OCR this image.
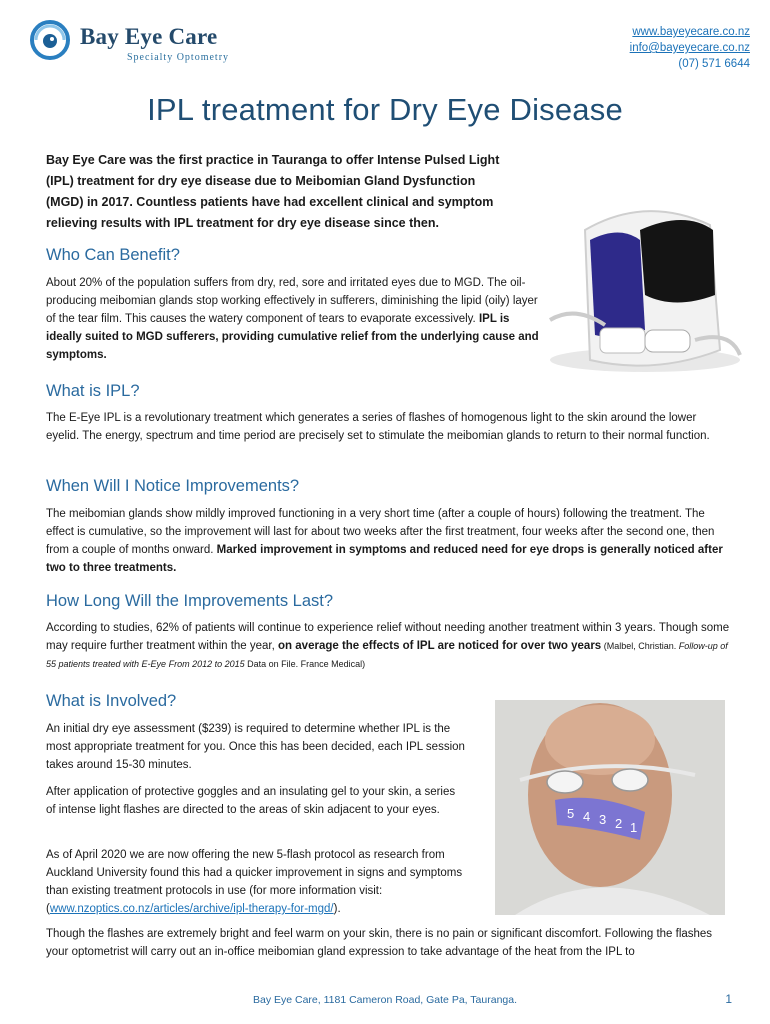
Bay Eye Care
Specialty Optometry
www.bayeyecare.co.nz
info@bayeyecare.co.nz
(07) 571 6644
IPL treatment for Dry Eye Disease

Bay Eye Care was the first practice in Tauranga to offer Intense Pulsed Light (IPL) treatment for dry eye disease due to Meibomian Gland Dysfunction (MGD) in 2017. Countless patients have had excellent clinical and symptom relieving results with IPL treatment for dry eye disease since then.

Who Can Benefit?

About 20% of the population suffers from dry, red, sore and irritated eyes due to MGD. The oil-producing meibomian glands stop working effectively in sufferers, diminishing the lipid (oily) layer of the tear film. This causes the watery component of tears to evaporate excessively. IPL is ideally suited to MGD sufferers, providing cumulative relief from the underlying cause and symptoms.

What is IPL?

The E-Eye IPL is a revolutionary treatment which generates a series of flashes of homogenous light to the skin around the lower eyelid. The energy, spectrum and time period are precisely set to stimulate the meibomian glands to return to their normal function.

When Will I Notice Improvements?

The meibomian glands show mildly improved functioning in a very short time (after a couple of hours) following the treatment. The effect is cumulative, so the improvement will last for about two weeks after the first treatment, four weeks after the second one, then from a couple of months onward. Marked improvement in symptoms and reduced need for eye drops is generally noticed after two to three treatments.

How Long Will the Improvements Last?

According to studies, 62% of patients will continue to experience relief without needing another treatment within 3 years. Though some may require further treatment within the year, on average the effects of IPL are noticed for over two years (Malbel, Christian. Follow-up of 55 patients treated with E-Eye From 2012 to 2015 Data on File. France Medical)

What is Involved?

An initial dry eye assessment ($239) is required to determine whether IPL is the most appropriate treatment for you. Once this has been decided, each IPL session takes around 15-30 minutes.

After application of protective goggles and an insulating gel to your skin, a series of intense light flashes are directed to the areas of skin adjacent to your eyes.

As of April 2020 we are now offering the new 5-flash protocol as research from Auckland University found this had a quicker improvement in signs and symptoms than existing treatment protocols in use (for more information visit: (www.nzoptics.co.nz/articles/archive/ipl-therapy-for-mgd/).

5 4 3 2 1

Though the flashes are extremely bright and feel warm on your skin, there is no pain or significant discomfort. Following the flashes your optometrist will carry out an in-office meibomian gland expression to take advantage of the heat from the IPL to

Bay Eye Care, 1181 Cameron Road, Gate Pa, Tauranga.	1
